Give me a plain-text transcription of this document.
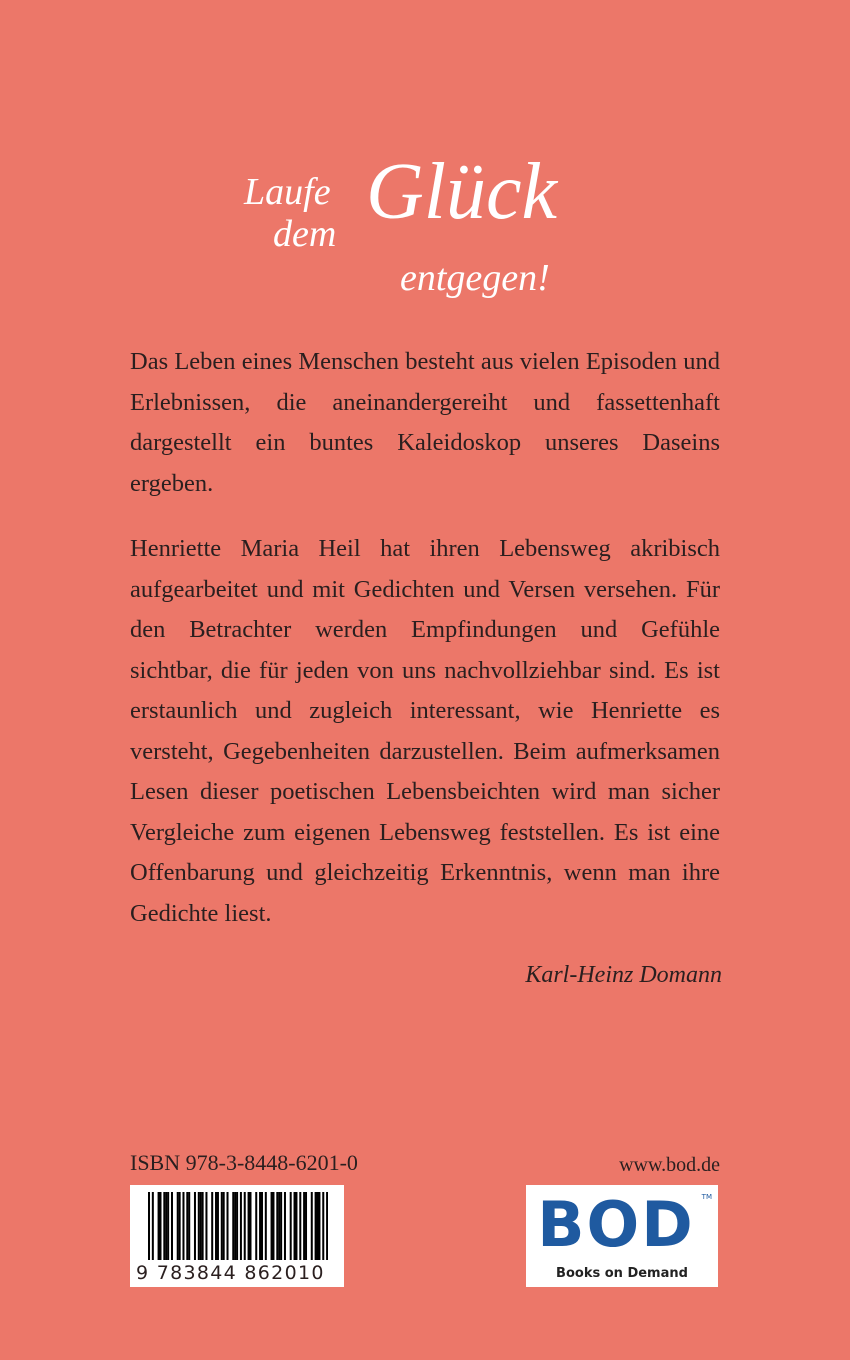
Laufe
dem Glück
entgegen!

Das Leben eines Menschen besteht aus vielen Episoden und Erlebnissen, die aneinandergereiht und fassettenhaft dargestellt ein buntes Kaleidoskop unseres Daseins ergeben.

Henriette Maria Heil hat ihren Lebensweg akribisch aufgearbeitet und mit Gedichten und Versen versehen. Für den Betrachter werden Empfindungen und Gefühle sichtbar, die für jeden von uns nachvollziehbar sind. Es ist erstaunlich und zugleich interessant, wie Henriette es versteht, Gegebenheiten darzustellen. Beim aufmerksamen Lesen dieser poetischen Lebensbeichten wird man sicher Vergleiche zum eigenen Lebensweg feststellen. Es ist eine Offenbarung und gleichzeitig Erkenntnis, wenn man ihre Gedichte liest.

Karl-Heinz Domann
ISBN 978-3-8448-6201-0
9 783844 862010
www.bod.de
BOD TM
Books on Demand
